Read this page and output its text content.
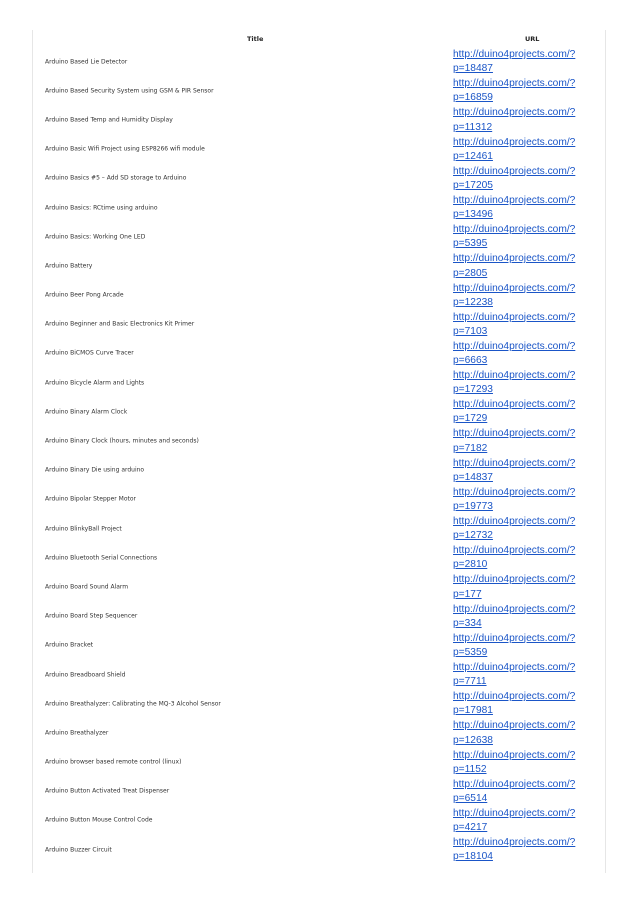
Title	URL
Arduino Based Lie Detector
http://duino4projects.com/?
p=18487
Arduino Based Security System using GSM & PIR Sensor
http://duino4projects.com/?
p=16859
Arduino Based Temp and Humidity Display
http://duino4projects.com/?
p=11312
Arduino Basic Wifi Project using ESP8266 wifi module
http://duino4projects.com/?
p=12461
Arduino Basics #5 – Add SD storage to Arduino
http://duino4projects.com/?
p=17205
Arduino Basics: RCtime using arduino
http://duino4projects.com/?
p=13496
Arduino Basics: Working One LED
http://duino4projects.com/?
p=5395
Arduino Battery
http://duino4projects.com/?
p=2805
Arduino Beer Pong Arcade
http://duino4projects.com/?
p=12238
Arduino Beginner and Basic Electronics Kit Primer
http://duino4projects.com/?
p=7103
Arduino BiCMOS Curve Tracer
http://duino4projects.com/?
p=6663
Arduino Bicycle Alarm and Lights
http://duino4projects.com/?
p=17293
Arduino Binary Alarm Clock
http://duino4projects.com/?
p=1729
Arduino Binary Clock (hours, minutes and seconds)
http://duino4projects.com/?
p=7182
Arduino Binary Die using arduino
http://duino4projects.com/?
p=14837
Arduino Bipolar Stepper Motor
http://duino4projects.com/?
p=19773
Arduino BlinkyBall Project
http://duino4projects.com/?
p=12732
Arduino Bluetooth Serial Connections
http://duino4projects.com/?
p=2810
Arduino Board Sound Alarm
http://duino4projects.com/?
p=177
Arduino Board Step Sequencer
http://duino4projects.com/?
p=334
Arduino Bracket
http://duino4projects.com/?
p=5359
Arduino Breadboard Shield
http://duino4projects.com/?
p=7711
Arduino Breathalyzer: Calibrating the MQ-3 Alcohol Sensor
http://duino4projects.com/?
p=17981
Arduino Breathalyzer
http://duino4projects.com/?
p=12638
Arduino browser based remote control (linux)
http://duino4projects.com/?
p=1152
Arduino Button Activated Treat Dispenser
http://duino4projects.com/?
p=6514
Arduino Button Mouse Control Code
http://duino4projects.com/?
p=4217
Arduino Buzzer Circuit
http://duino4projects.com/?
p=18104
